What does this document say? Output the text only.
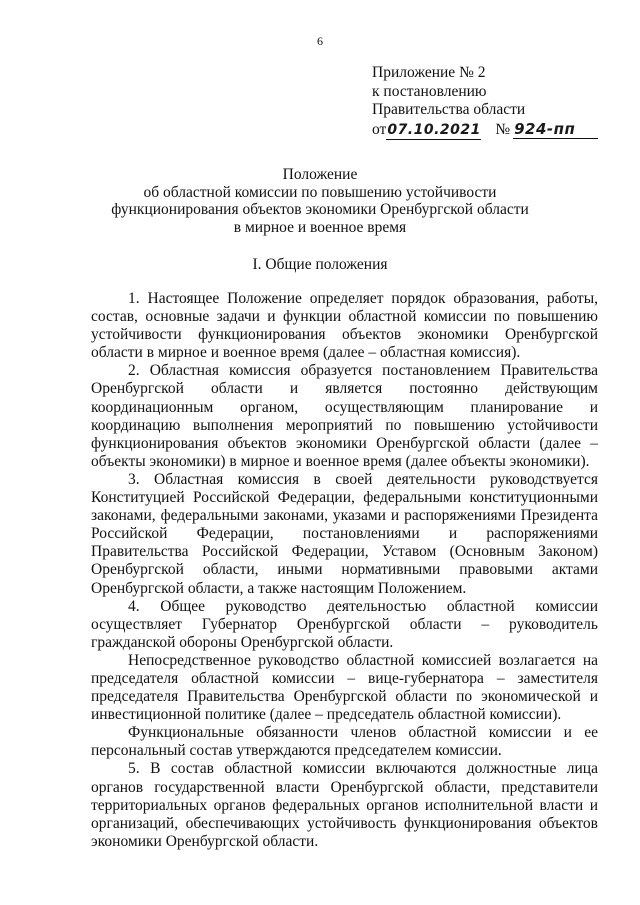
6
Приложение № 2
к постановлению
Правительства области
от07.10.2021 № 924-пп
Положение
об областной комиссии по повышению устойчивости
функционирования объектов экономики Оренбургской области
в мирное и военное время
I. Общие положения

1. Настоящее Положение определяет порядок образования, работы, состав, основные задачи и функции областной комиссии по повышению устойчивости функционирования объектов экономики Оренбургской области в мирное и военное время (далее – областная комиссия).

2. Областная комиссия образуется постановлением Правительства Оренбургской области и является постоянно действующим координационным органом, осуществляющим планирование и координацию выполнения мероприятий по повышению устойчивости функционирования объектов экономики Оренбургской области (далее – объекты экономики) в мирное и военное время (далее объекты экономики).

3. Областная комиссия в своей деятельности руководствуется Конституцией Российской Федерации, федеральными конституционными законами, федеральными законами, указами и распоряжениями Президента Российской Федерации, постановлениями и распоряжениями Правительства Российской Федерации, Уставом (Основным Законом) Оренбургской области, иными нормативными правовыми актами Оренбургской области, а также настоящим Положением.

4. Общее руководство деятельностью областной комиссии осуществляет Губернатор Оренбургской области – руководитель гражданской обороны Оренбургской области.

Непосредственное руководство областной комиссией возлагается на председателя областной комиссии – вице-губернатора – заместителя председателя Правительства Оренбургской области по экономической и инвестиционной политике (далее – председатель областной комиссии).

Функциональные обязанности членов областной комиссии и ее персональный состав утверждаются председателем комиссии.

5. В состав областной комиссии включаются должностные лица органов государственной власти Оренбургской области, представители территориальных органов федеральных органов исполнительной власти и организаций, обеспечивающих устойчивость функционирования объектов экономики Оренбургской области.
